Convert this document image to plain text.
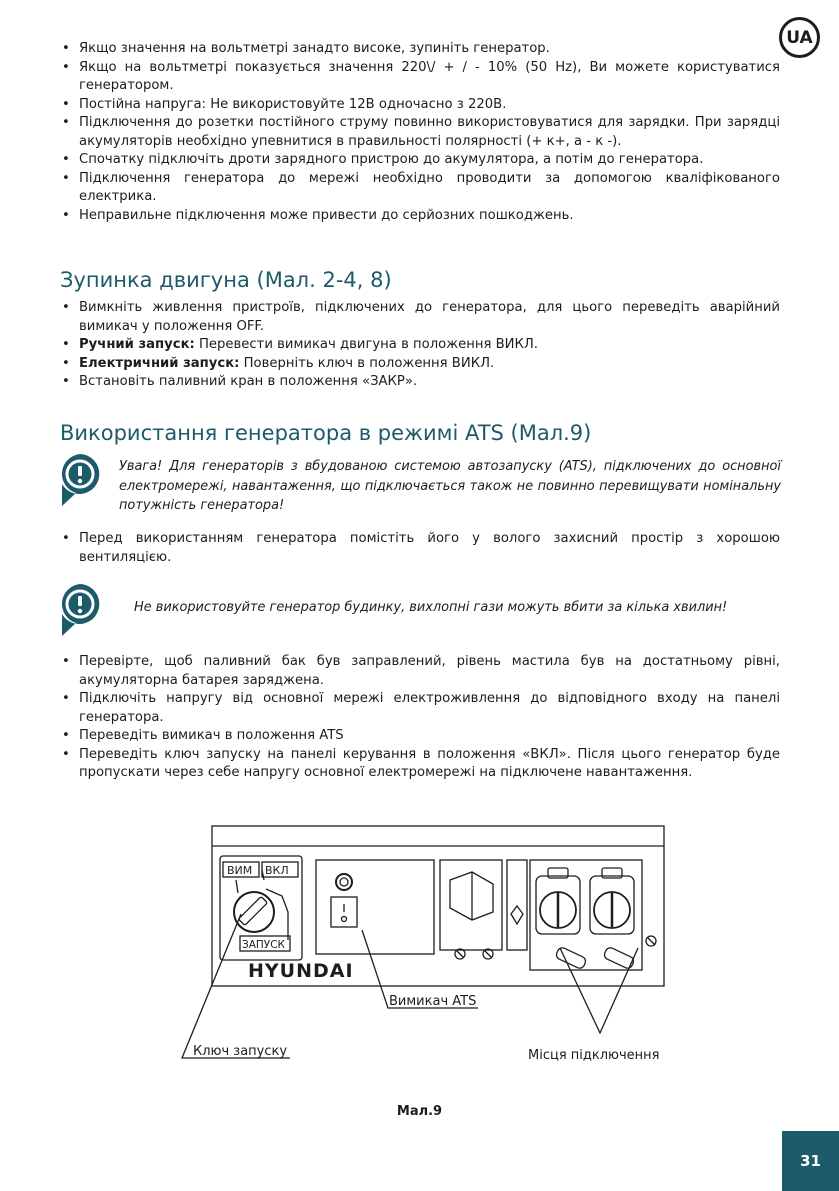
UA
• Якщо значення на вольтметрі занадто високе, зупиніть генератор.
• Якщо на вольтметрі показується значення 220\/ + / - 10% (50 Hz), Ви можете користуватися генератором.
• Постійна напруга: Не використовуйте 12В одночасно з 220В.
• Підключення до розетки постійного струму повинно використовуватися для зарядки. При зарядці акумуляторів необхідно упевнитися в правильності полярності (+ к+, а - к -).
• Спочатку підключіть дроти зарядного пристрою до акумулятора, а потім до генератора.
• Підключення генератора до мережі необхідно проводити за допомогою кваліфікованого електрика.
• Неправильне підключення може привести до серйозних пошкоджень.
Зупинка двигуна (Мал. 2-4, 8)
• Вимкніть живлення пристроїв, підключених до генератора, для цього переведіть аварійний вимикач у положення OFF.
• Ручний запуск: Перевести вимикач двигуна в положення ВИКЛ.
• Електричний запуск: Поверніть ключ в положення ВИКЛ.
• Встановіть паливний кран в положення «ЗАКР».
Використання генератора в режимі ATS (Мал.9)
Увага! Для генераторів з вбудованою системою автозапуску (ATS), підключених до основної електромережі, навантаження, що підключається також не повинно перевищувати номінальну потужність генератора!
• Перед використанням генератора помістіть його у волого захисний простір з хорошою вентиляцією.
Не використовуйте генератор будинку, вихлопні гази можуть вбити за кілька хвилин!
• Перевірте, щоб паливний бак був заправлений, рівень мастила був на достатньому рівні, акумуляторна батарея заряджена.
• Підключіть напругу від основної мережі електроживлення до відповідного входу на панелі генератора.
• Переведіть вимикач в положення ATS
• Переведіть ключ запуску на панелі керування в положення «ВКЛ». Після цього генератор буде пропускати через себе напругу основної електромережі на підключене навантаження.
ВИМ ВКЛ
ЗАПУСК
HYUNDAI
Вимикач ATS
Ключ запуску	Місця підключення
Мал.9
31
